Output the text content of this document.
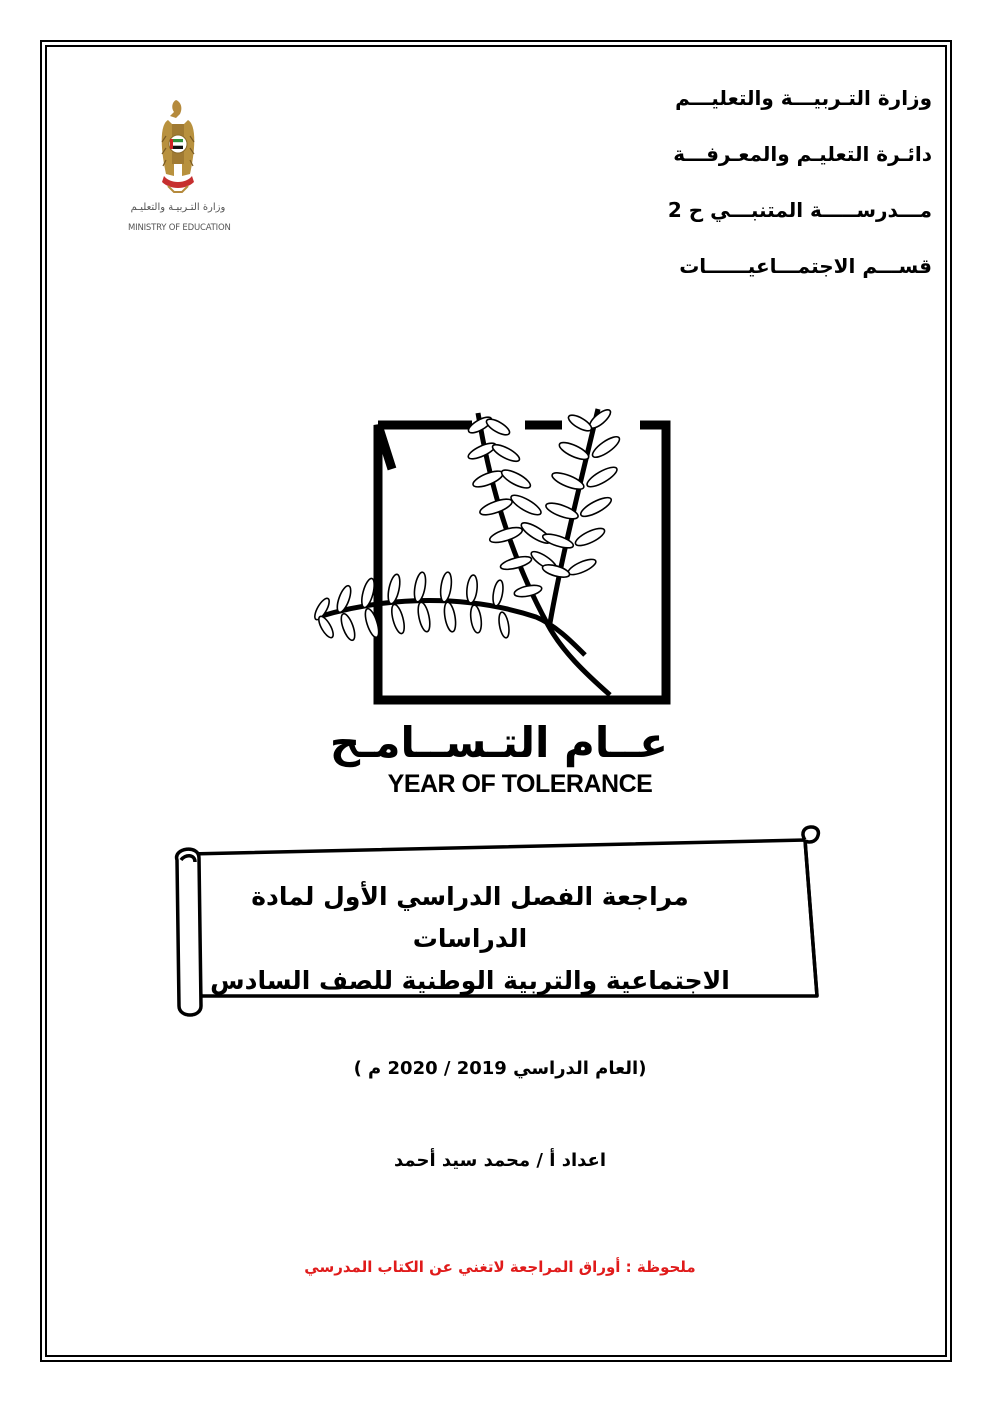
وزارة التـربيـــة والتعليـــم
دائـرة التعليـم والمعـرفـــة
مـــدرســـــة المتنبـــي ح 2
قســـم الاجتمـــاعيــــــات
وزارة التـربيـة والتعليـم
MINISTRY OF EDUCATION
عــام التـســامـح
YEAR OF TOLERANCE
مراجعة الفصل الدراسي الأول لمادة الدراسات
الاجتماعية والتربية الوطنية للصف السادس
(العام الدراسي 2019 / 2020 م )
اعداد أ / محمد سيد أحمد
ملحوظة : أوراق المراجعة لاتغني عن الكتاب المدرسي
